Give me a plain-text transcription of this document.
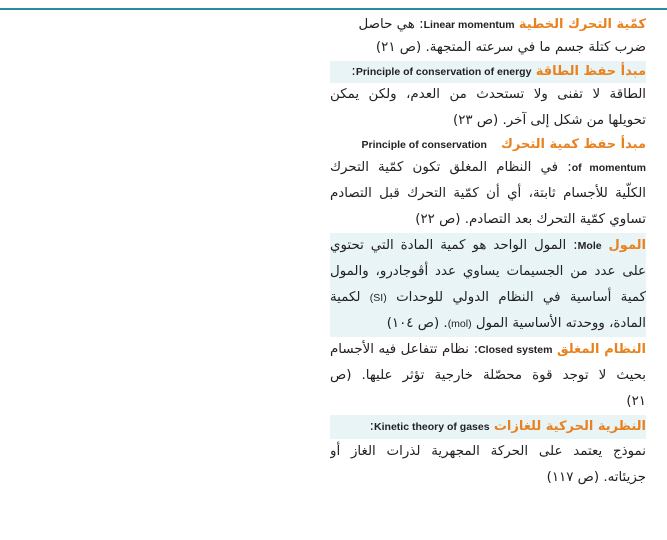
كمّية التحرك الخطية Linear momentum: هي حاصل
ضرب كتلة جسم ما في سرعته المتجهة. (ص ٢١)
مبدأ حفظ الطاقة Principle of conservation of energy:
الطاقة لا تفنى ولا تستحدث من العدم، ولكن يمكن
تحويلها من شكل إلى آخر. (ص ٢٣)
مبدأ حفظ كمية التحركPrinciple of conservation
of momentum: في النظام المغلق تكون كمّية التحرك
الكلّية للأجسام ثابتة، أي أن كمّية التحرك قبل التصادم
تساوي كمّية التحرك بعد التصادم. (ص ٢٢)
المول Mole: المول الواحد هو كمية المادة التي تحتوي
على عدد من الجسيمات يساوي عدد أڤوجادرو، والمول
كمية أساسية في النظام الدولي للوحدات (SI) لكمية
المادة، ووحدته الأساسية المول (mol). (ص ١٠٤)
النظام المغلق Closed system: نظام تتفاعل فيه الأجسام
بحيث لا توجد قوة محصّلة خارجية تؤثر عليها. (ص
٢١)
النظرية الحركية للغازات Kinetic theory of gases:
نموذج يعتمد على الحركة المجهرية لذرات الغاز أو
جزيئاته. (ص ١١٧)
